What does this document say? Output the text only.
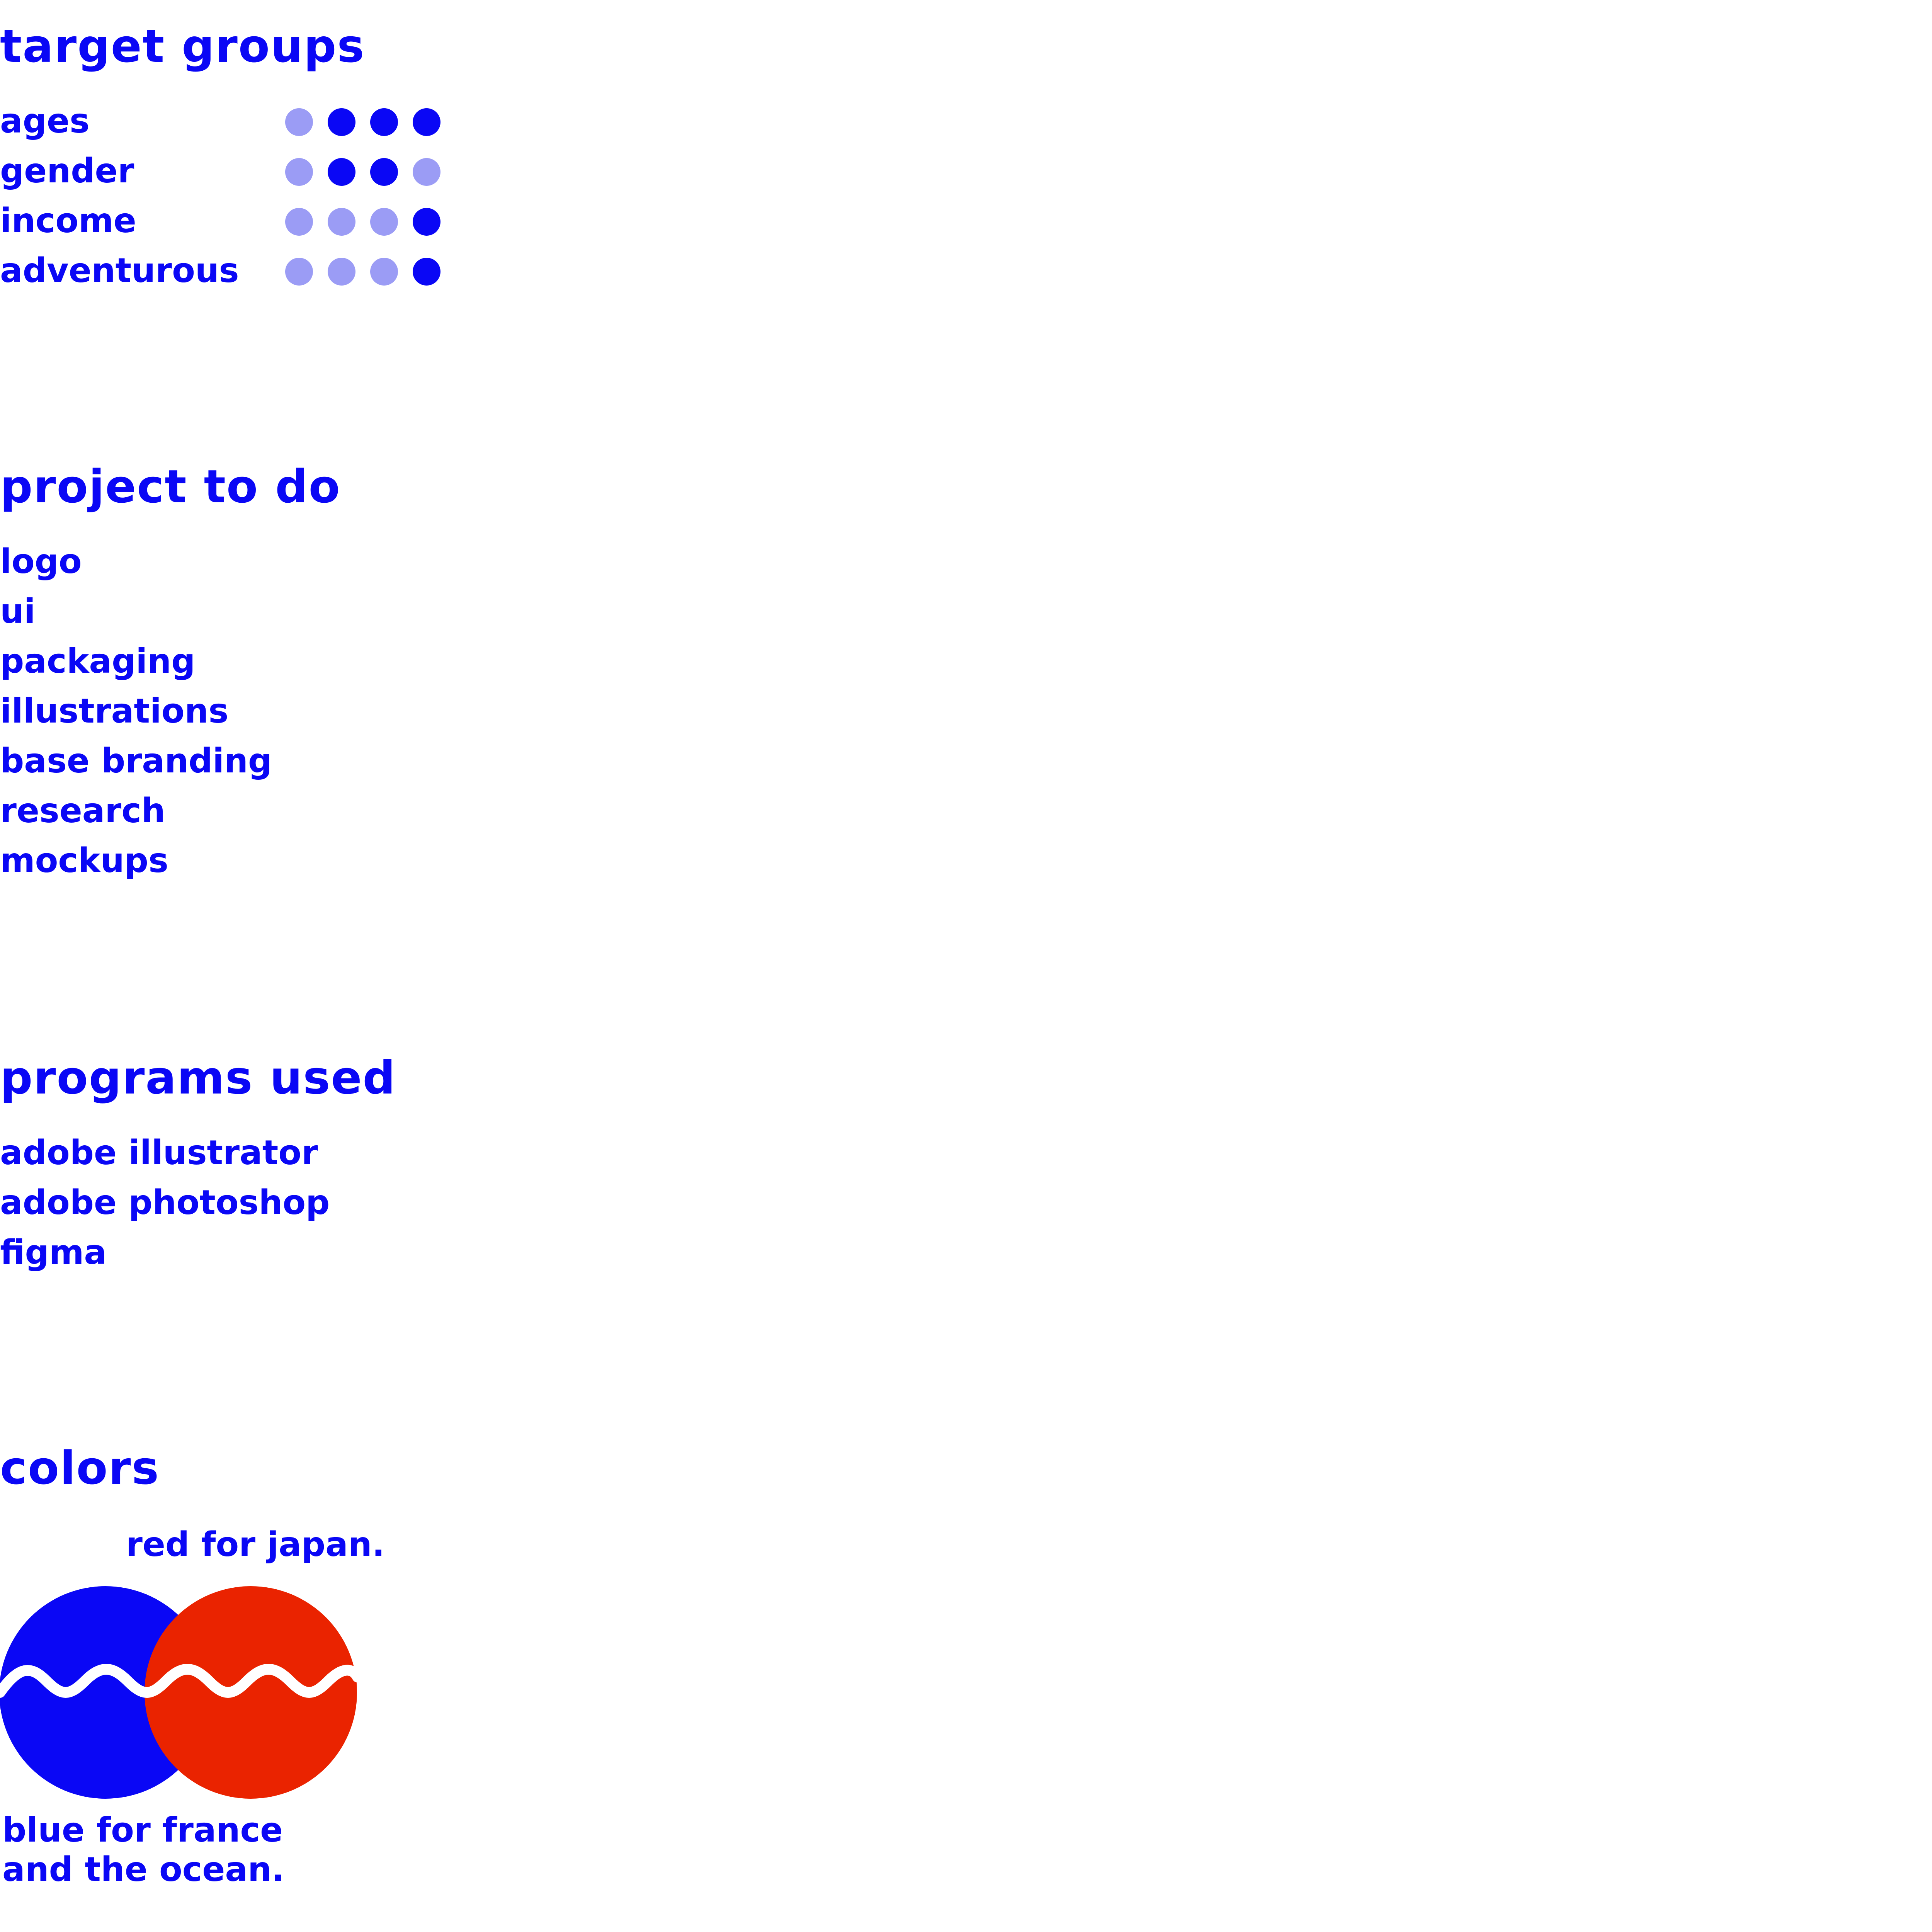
target groups
ages
gender
income
adventurous
project to do
logo
ui
packaging
illustrations
base branding
research
mockups
programs used
adobe illustrator
adobe photoshop
figma
colors
red for japan.
blue for france
and the ocean.
